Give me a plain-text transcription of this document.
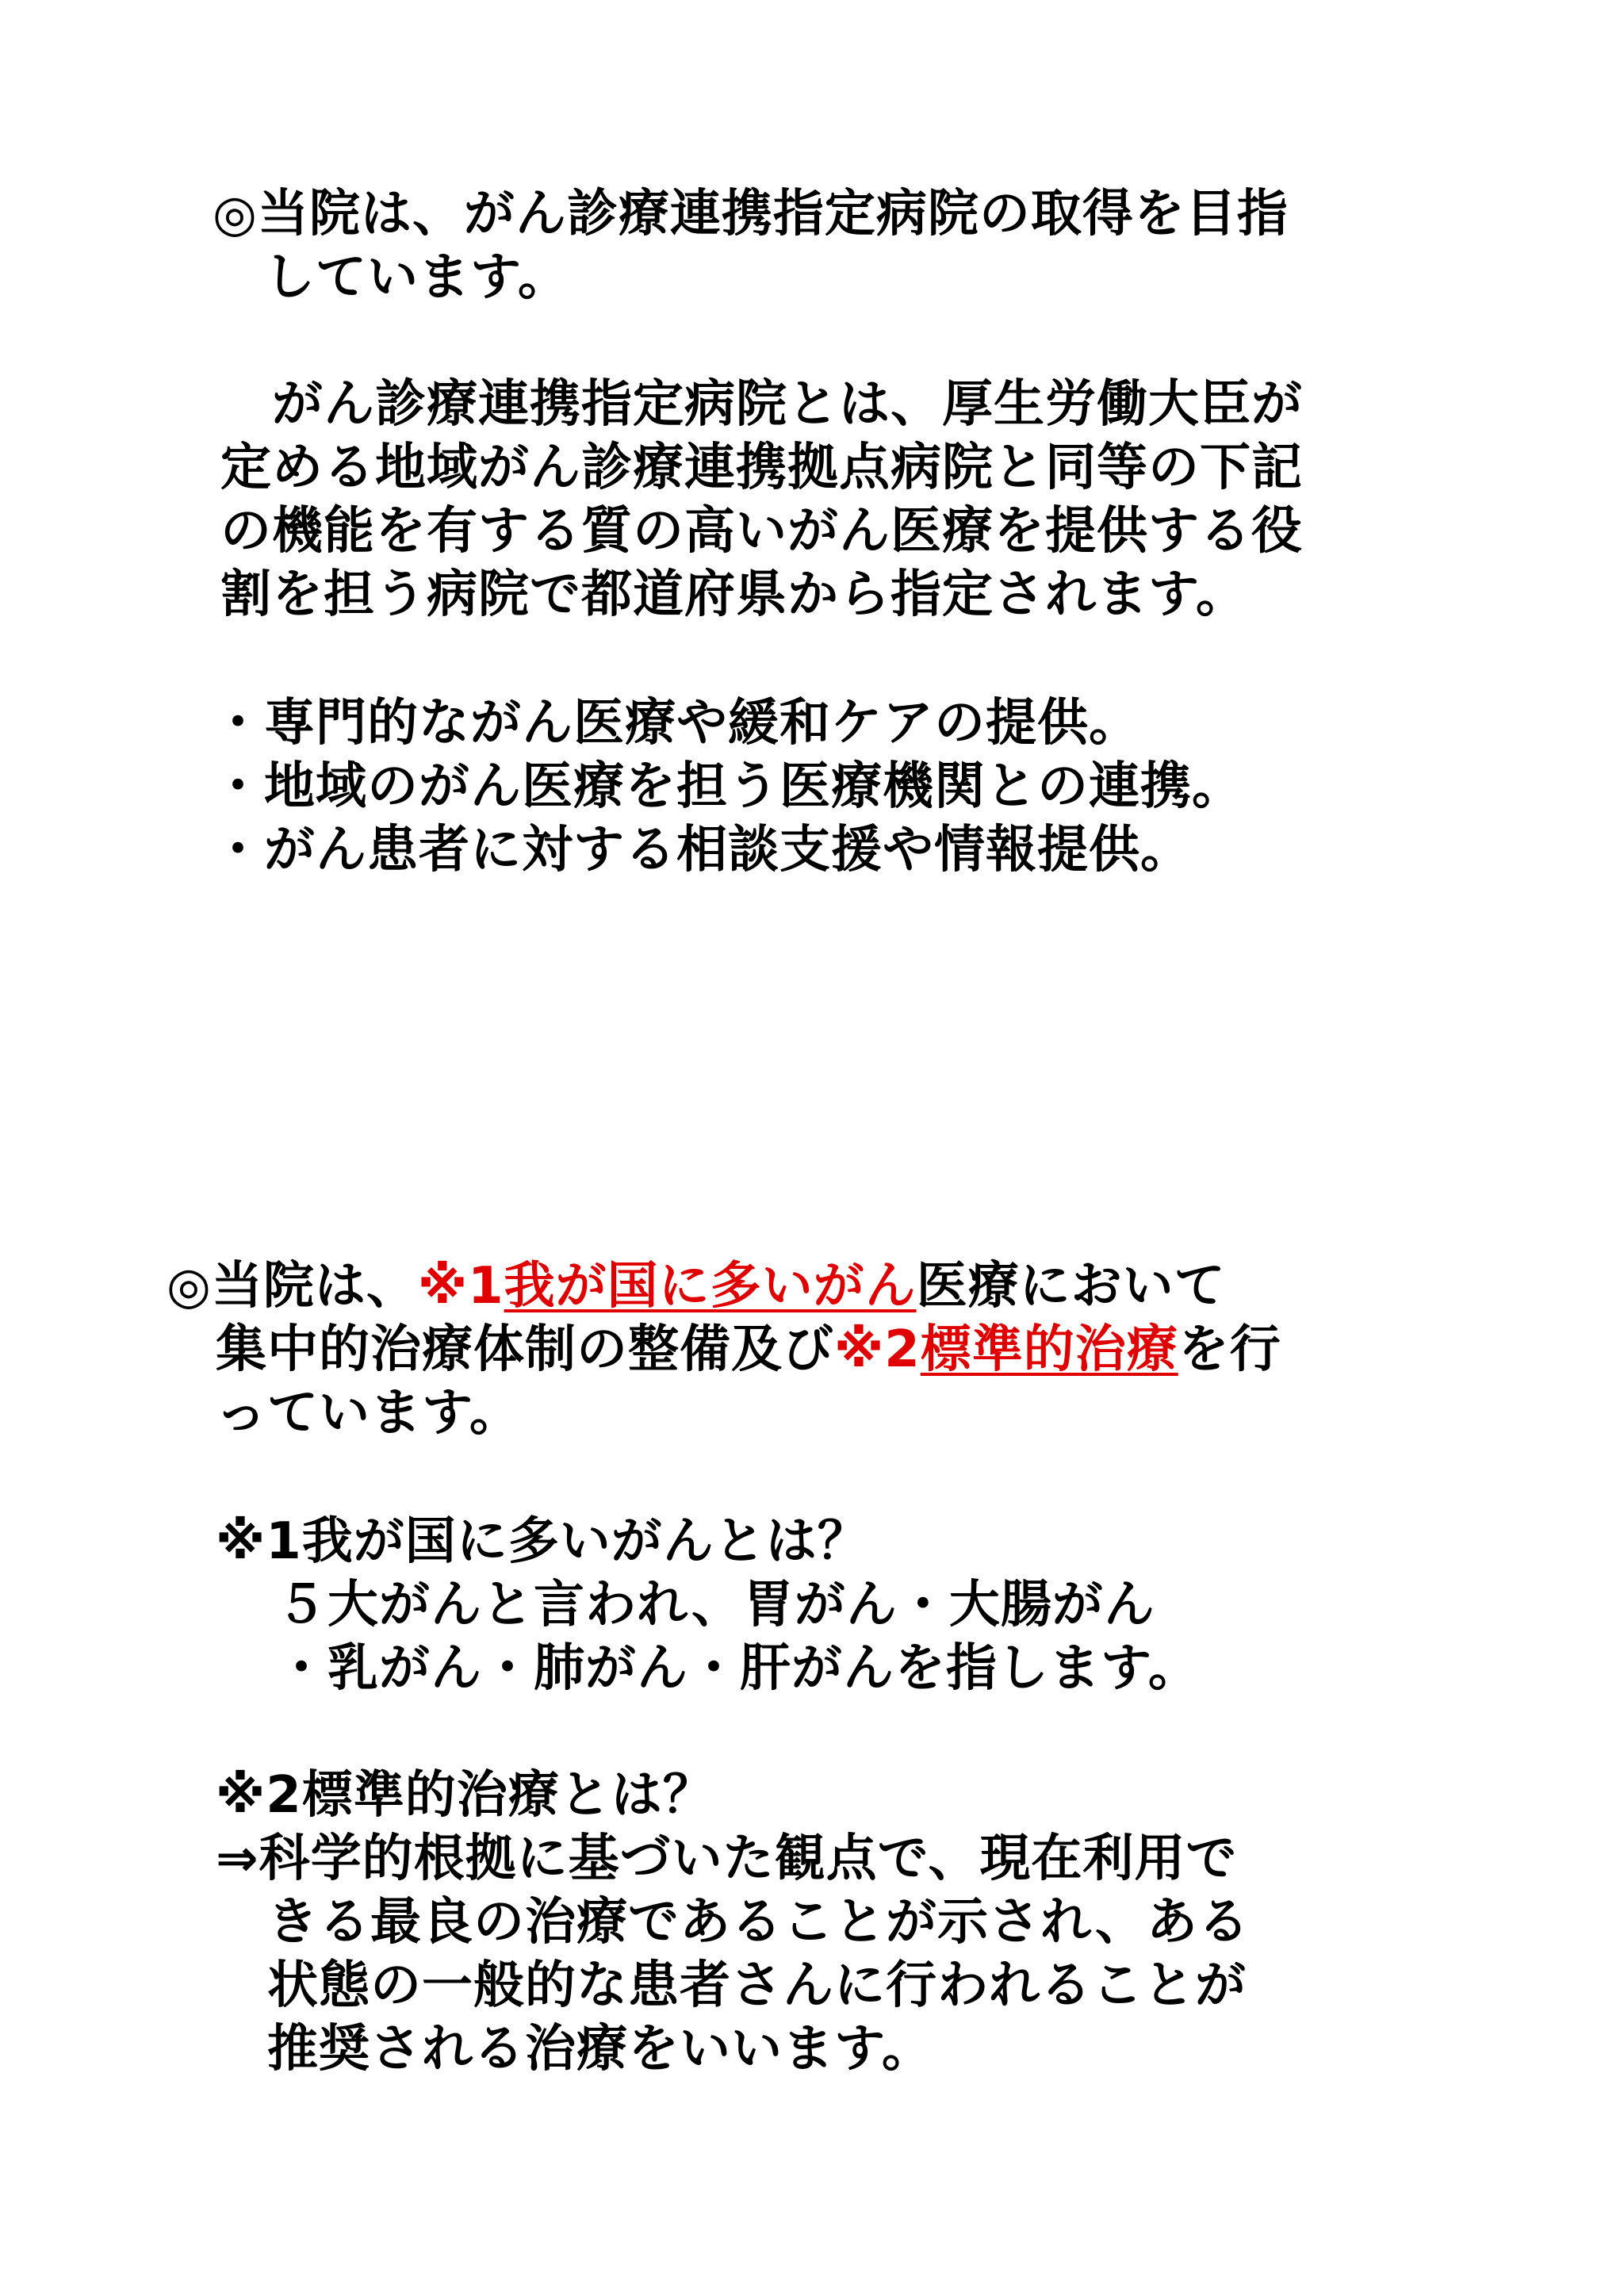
◎当院は、がん診療連携指定病院の取得を目指
　しています。
　がん診療連携指定病院とは、厚生労働大臣が
定める地域がん診療連携拠点病院と同等の下記
の機能を有する質の高いがん医療を提供する役
割を担う病院で都道府県から指定されます。
・専門的ながん医療や緩和ケアの提供。
・地域のがん医療を担う医療機関との連携。
・がん患者に対する相談支援や情報提供。
◎当院は、※1我が国に多いがん医療において
集中的治療体制の整備及び※2標準的治療を行
っています。
※1我が国に多いがんとは？
５大がんと言われ、胃がん・大腸がん
・乳がん・肺がん・肝がんを指します。
※2標準的治療とは？
⇒科学的根拠に基づいた観点で、現在利用で
　きる最良の治療であることが示され、ある
　状態の一般的な患者さんに行われることが
　推奨される治療をいいます。
